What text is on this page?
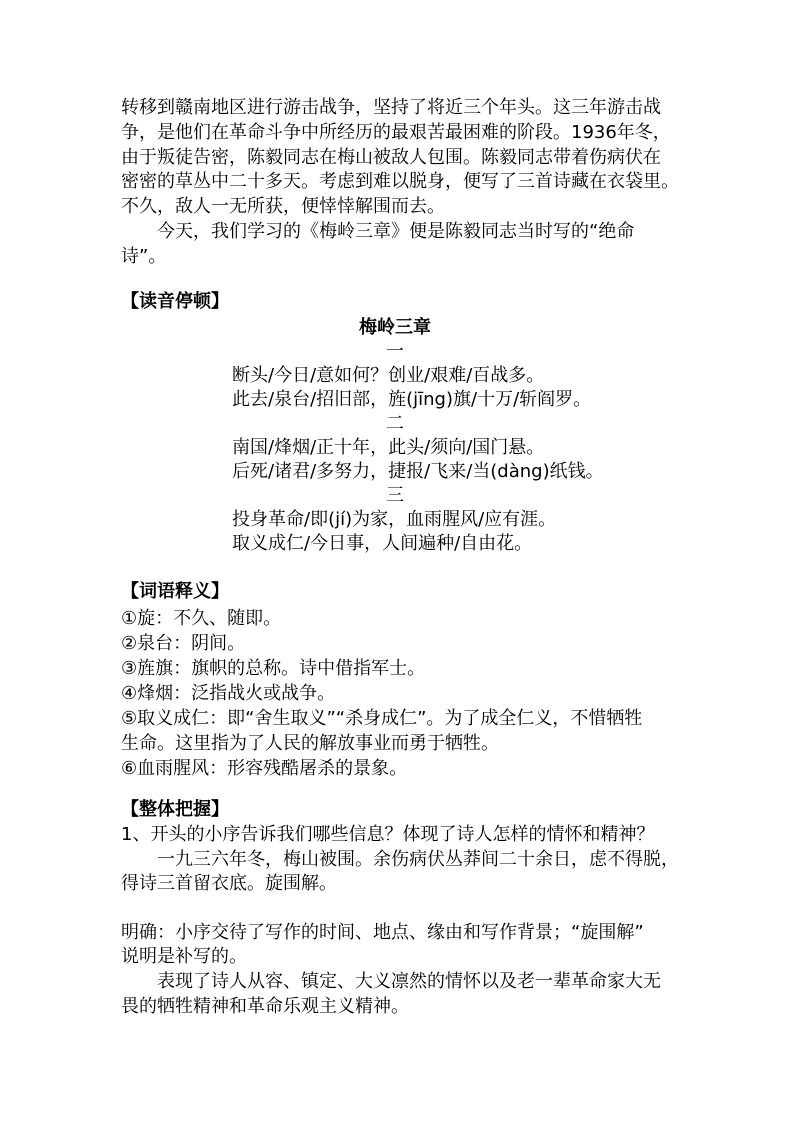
转移到赣南地区进行游击战争，坚持了将近三个年头。这三年游击战

争，是他们在革命斗争中所经历的最艰苦最困难的阶段。1936年冬，

由于叛徒告密，陈毅同志在梅山被敌人包围。陈毅同志带着伤病伏在

密密的草丛中二十多天。考虑到难以脱身，便写了三首诗藏在衣袋里。

不久，敌人一无所获，便悻悻解围而去。

今天，我们学习的《梅岭三章》便是陈毅同志当时写的“绝命

诗”。

【读音停顿】
梅岭三章
一
断头/今日/意如何？创业/艰难/百战多。
此去/泉台/招旧部，旌(jīng)旗/十万/斩阎罗。
二
南国/烽烟/正十年，此头/须向/国门悬。
后死/诸君/多努力，捷报/飞来/当(dàng)纸钱。
三
投身革命/即(jí)为家，血雨腥风/应有涯。
取义成仁/今日事，人间遍种/自由花。
【词语释义】

①旋：不久、随即。

②泉台：阴间。

③旌旗：旗帜的总称。诗中借指军士。

④烽烟：泛指战火或战争。

⑤取义成仁：即“舍生取义”“杀身成仁”。为了成全仁义，不惜牺牲

生命。这里指为了人民的解放事业而勇于牺牲。

⑥血雨腥风：形容残酷屠杀的景象。

【整体把握】

1、开头的小序告诉我们哪些信息？体现了诗人怎样的情怀和精神？

一九三六年冬，梅山被围。余伤病伏丛莽间二十余日，虑不得脱，

得诗三首留衣底。旋围解。

明确：小序交待了写作的时间、地点、缘由和写作背景；“旋围解”

说明是补写的。

表现了诗人从容、镇定、大义凛然的情怀以及老一辈革命家大无

畏的牺牲精神和革命乐观主义精神。
